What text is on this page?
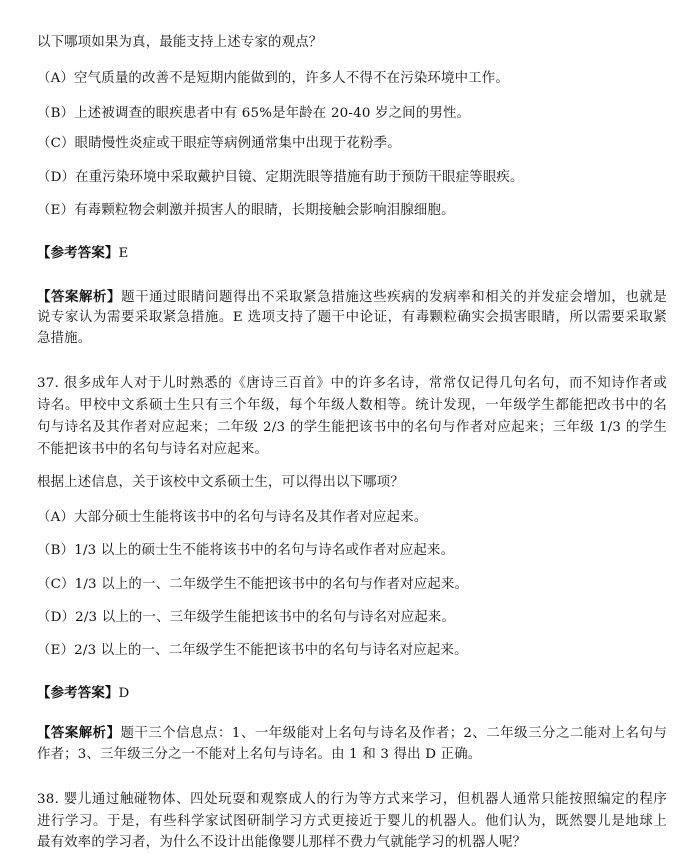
以下哪项如果为真，最能支持上述专家的观点？
（A）空气质量的改善不是短期内能做到的，许多人不得不在污染环境中工作。
（B）上述被调查的眼疾患者中有 65%是年龄在 20-40 岁之间的男性。
（C）眼睛慢性炎症或干眼症等病例通常集中出现于花粉季。
（D）在重污染环境中采取戴护目镜、定期洗眼等措施有助于预防干眼症等眼疾。
（E）有毒颗粒物会刺激并损害人的眼睛，长期接触会影响泪腺细胞。
【参考答案】E
【答案解析】题干通过眼睛问题得出不采取紧急措施这些疾病的发病率和相关的并发症会增加，也就是
说专家认为需要采取紧急措施。E 选项支持了题干中论证，有毒颗粒确实会损害眼睛，所以需要采取紧
急措施。
37. 很多成年人对于儿时熟悉的《唐诗三百首》中的许多名诗，常常仅记得几句名句，而不知诗作者或
诗名。甲校中文系硕士生只有三个年级，每个年级人数相等。统计发现，一年级学生都能把改书中的名
句与诗名及其作者对应起来；二年级 2/3 的学生能把该书中的名句与作者对应起来；三年级 1/3 的学生
不能把该书中的名句与诗名对应起来。
根据上述信息，关于该校中文系硕士生，可以得出以下哪项？
（A）大部分硕士生能将该书中的名句与诗名及其作者对应起来。
（B）1/3 以上的硕士生不能将该书中的名句与诗名或作者对应起来。
（C）1/3 以上的一、二年级学生不能把该书中的名句与作者对应起来。
（D）2/3 以上的一、三年级学生能把该书中的名句与诗名对应起来。
（E）2/3 以上的一、二年级学生不能把该书中的名句与诗名对应起来。
【参考答案】D
【答案解析】题干三个信息点：1、一年级能对上名句与诗名及作者；2、二年级三分之二能对上名句与
作者；3、三年级三分之一不能对上名句与诗名。由 1 和 3 得出 D 正确。
38. 婴儿通过触碰物体、四处玩耍和观察成人的行为等方式来学习，但机器人通常只能按照编定的程序
进行学习。于是，有些科学家试图研制学习方式更接近于婴儿的机器人。他们认为，既然婴儿是地球上
最有效率的学习者，为什么不设计出能像婴儿那样不费力气就能学习的机器人呢？
